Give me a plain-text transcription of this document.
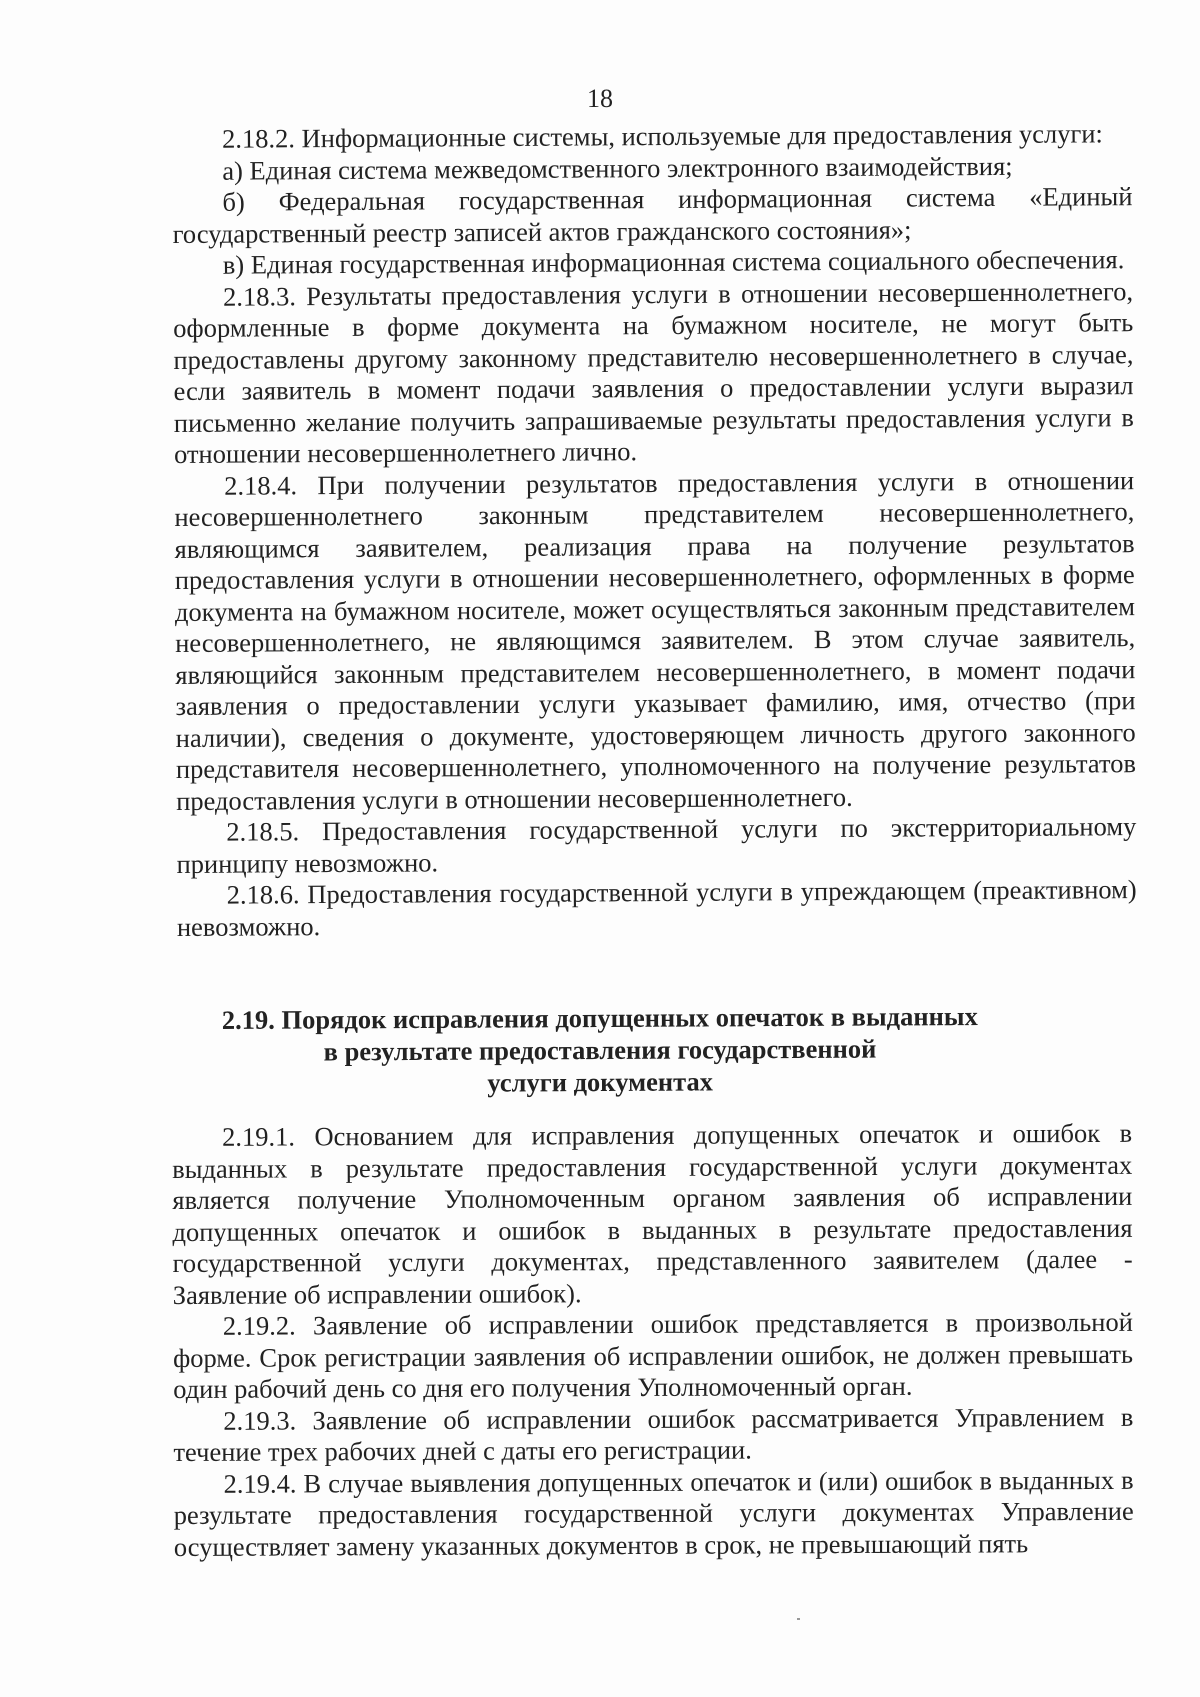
18

2.18.2. Информационные системы, используемые для предоставления услуги:

а) Единая система межведомственного электронного взаимодействия;

б) Федеральная государственная информационная система «Единый государственный реестр записей актов гражданского состояния»;

в) Единая государственная информационная система социального обеспечения.

2.18.3. Результаты предоставления услуги в отношении несовершеннолетнего, оформленные в форме документа на бумажном носителе, не могут быть предоставлены другому законному представителю несовершеннолетнего в случае, если заявитель в момент подачи заявления о предоставлении услуги выразил письменно желание получить запрашиваемые результаты предоставления услуги в отношении несовершеннолетнего лично.

2.18.4. При получении результатов предоставления услуги в отношении несовершеннолетнего законным представителем несовершеннолетнего, являющимся заявителем, реализация права на получение результатов предоставления услуги в отношении несовершеннолетнего, оформленных в форме документа на бумажном носителе, может осуществляться законным представителем несовершеннолетнего, не являющимся заявителем. В этом случае заявитель, являющийся законным представителем несовершеннолетнего, в момент подачи заявления о предоставлении услуги указывает фамилию, имя, отчество (при наличии), сведения о документе, удостоверяющем личность другого законного представителя несовершеннолетнего, уполномоченного на получение результатов предоставления услуги в отношении несовершеннолетнего.

2.18.5. Предоставления государственной услуги по экстерриториальному принципу невозможно.

2.18.6. Предоставления государственной услуги в упреждающем (преактивном) невозможно.

2.19. Порядок исправления допущенных опечаток в выданных
в результате предоставления государственной
услуги документах

2.19.1. Основанием для исправления допущенных опечаток и ошибок в выданных в результате предоставления государственной услуги документах является получение Уполномоченным органом заявления об исправлении допущенных опечаток и ошибок в выданных в результате предоставления государственной услуги документах, представленного заявителем (далее - Заявление об исправлении ошибок).

2.19.2. Заявление об исправлении ошибок представляется в произвольной форме. Срок регистрации заявления об исправлении ошибок, не должен превышать один рабочий день со дня его получения Уполномоченный орган.

2.19.3. Заявление об исправлении ошибок рассматривается Управлением в течение трех рабочих дней с даты его регистрации.

2.19.4. В случае выявления допущенных опечаток и (или) ошибок в выданных в результате предоставления государственной услуги документах Управление осуществляет замену указанных документов в срок, не превышающий пять
